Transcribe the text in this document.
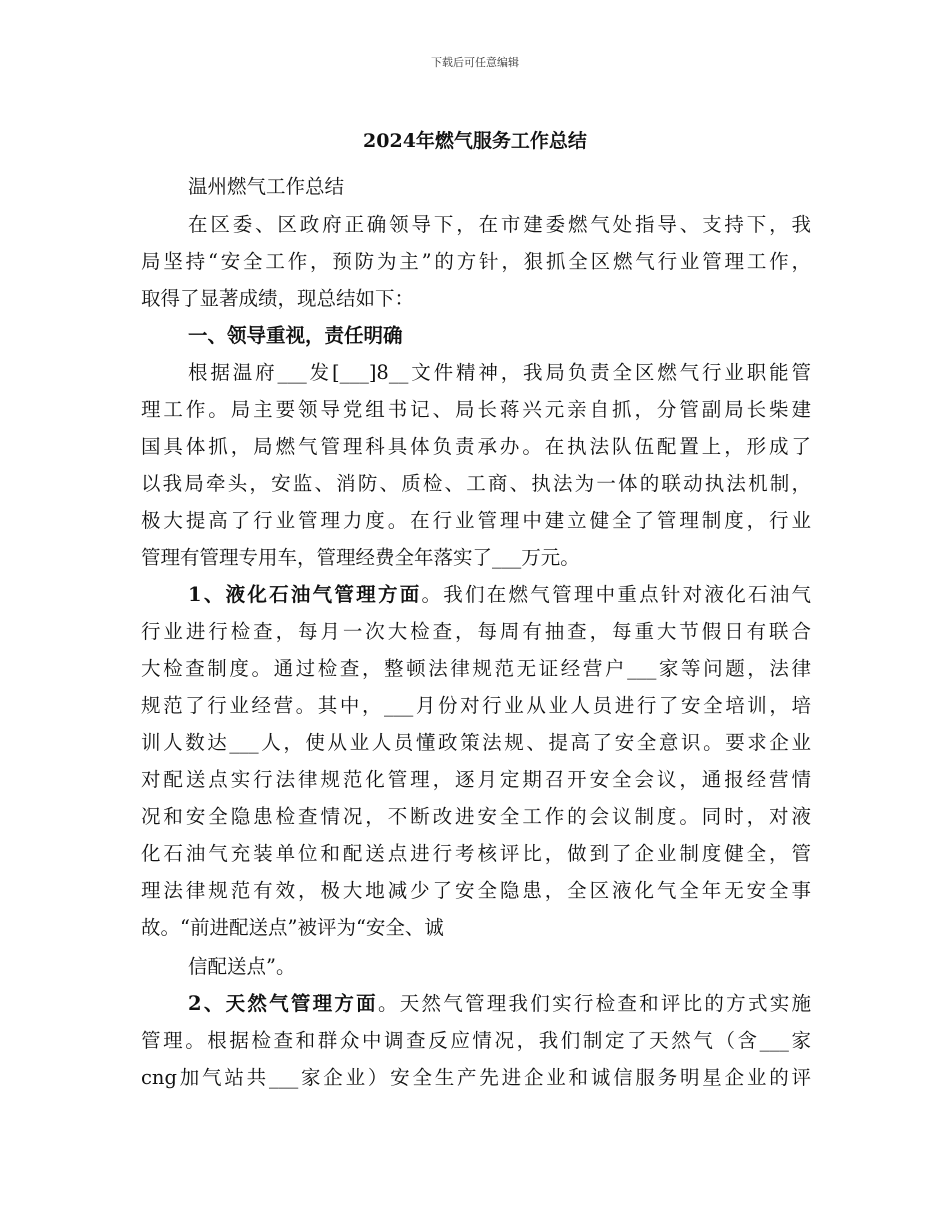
下载后可任意编辑
2024年燃气服务工作总结
温州燃气工作总结
在区委、区政府正确领导下，在市建委燃气处指导、支持下，我
局坚持“安全工作，预防为主”的方针，狠抓全区燃气行业管理工作，
取得了显著成绩，现总结如下：
一、领导重视，责任明确
根据温府___发[___]8__文件精神，我局负责全区燃气行业职能管
理工作。局主要领导党组书记、局长蒋兴元亲自抓，分管副局长柴建
国具体抓，局燃气管理科具体负责承办。在执法队伍配置上，形成了
以我局牵头，安监、消防、质检、工商、执法为一体的联动执法机制，
极大提高了行业管理力度。在行业管理中建立健全了管理制度，行业
管理有管理专用车，管理经费全年落实了___万元。
1、液化石油气管理方面。我们在燃气管理中重点针对液化石油气
行业进行检查，每月一次大检查，每周有抽查，每重大节假日有联合
大检查制度。通过检查，整顿法律规范无证经营户___家等问题，法律
规范了行业经营。其中，___月份对行业从业人员进行了安全培训，培
训人数达___人，使从业人员懂政策法规、提高了安全意识。要求企业
对配送点实行法律规范化管理，逐月定期召开安全会议，通报经营情
况和安全隐患检查情况，不断改进安全工作的会议制度。同时，对液
化石油气充装单位和配送点进行考核评比，做到了企业制度健全，管
理法律规范有效，极大地减少了安全隐患，全区液化气全年无安全事
故。“前进配送点”被评为“安全、诚
信配送点”。
2、天然气管理方面。天然气管理我们实行检查和评比的方式实施
管理。根据检查和群众中调查反应情况，我们制定了天然气（含___家
cng加气站共___家企业）安全生产先进企业和诚信服务明星企业的评
